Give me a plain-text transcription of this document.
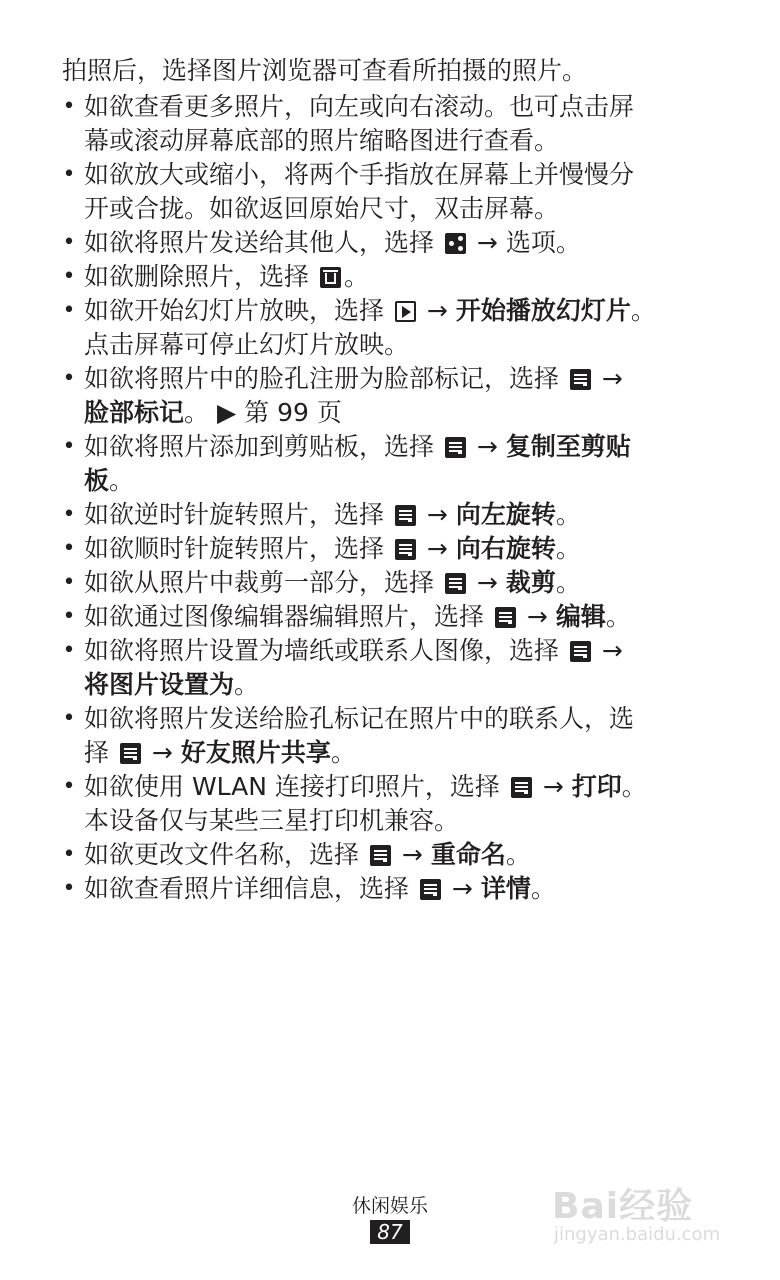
拍照后，选择图片浏览器可查看所拍摄的照片。
• 如欲查看更多照片，向左或向右滚动。也可点击屏
幕或滚动屏幕底部的照片缩略图进行查看。
• 如欲放大或缩小，将两个手指放在屏幕上并慢慢分
开或合拢。如欲返回原始尺寸，双击屏幕。
• 如欲将照片发送给其他人，选择 → 选项。
• 如欲删除照片，选择 。
• 如欲开始幻灯片放映，选择 → 开始播放幻灯片。
点击屏幕可停止幻灯片放映。
• 如欲将照片中的脸孔注册为脸部标记，选择 →
脸部标记。 ▶ 第 99 页
• 如欲将照片添加到剪贴板，选择 → 复制至剪贴
板。
• 如欲逆时针旋转照片，选择 → 向左旋转。
• 如欲顺时针旋转照片，选择 → 向右旋转。
• 如欲从照片中裁剪一部分，选择 → 裁剪。
• 如欲通过图像编辑器编辑照片，选择 → 编辑。
• 如欲将照片设置为墙纸或联系人图像，选择 →
将图片设置为。
• 如欲将照片发送给脸孔标记在照片中的联系人，选
择 → 好友照片共享。
• 如欲使用 WLAN 连接打印照片，选择 → 打印。
本设备仅与某些三星打印机兼容。
• 如欲更改文件名称，选择 → 重命名。
• 如欲查看照片详细信息，选择 → 详情。
休闲娱乐
87
Bai经验
jingyan.baidu.com
